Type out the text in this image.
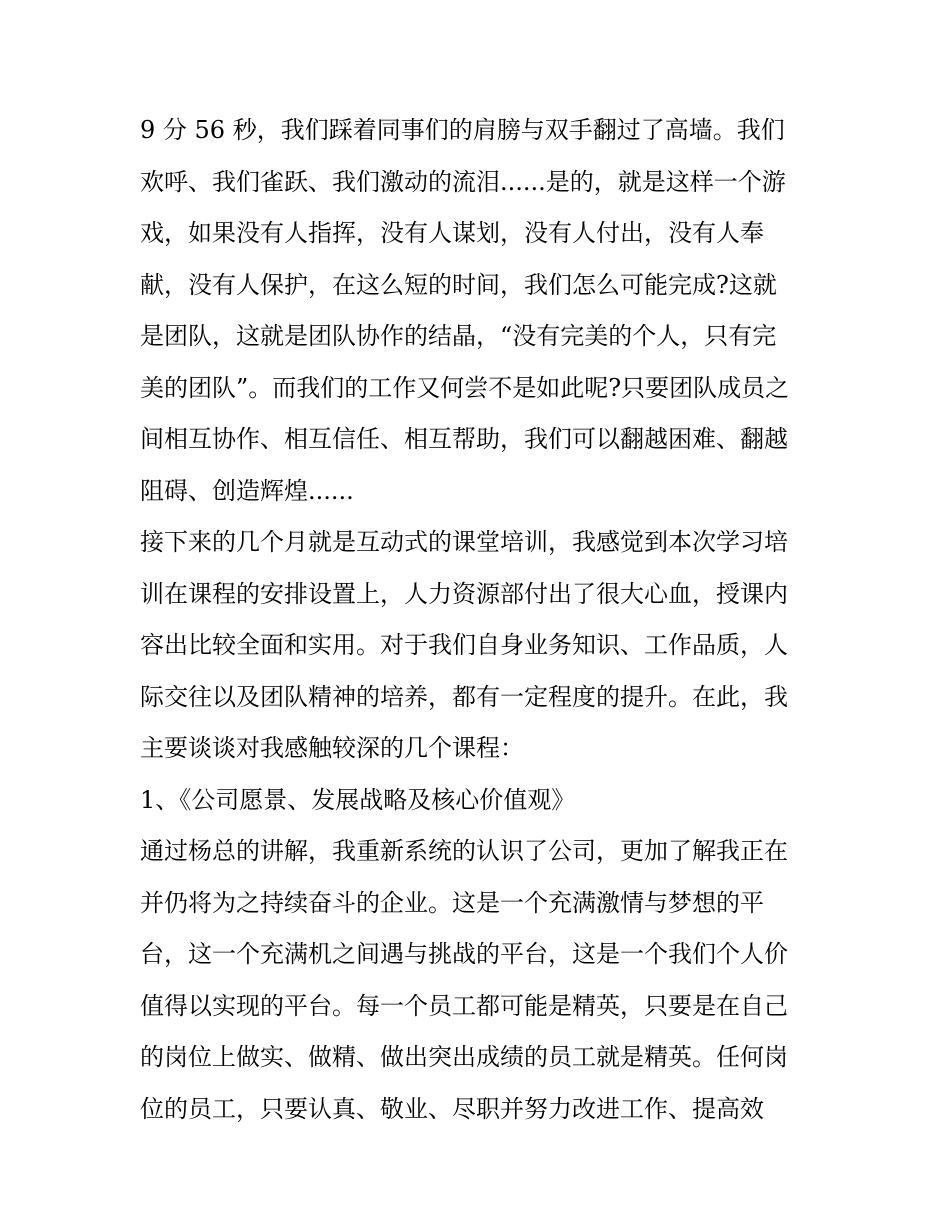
9 分 56 秒，我们踩着同事们的肩膀与双手翻过了高墙。我们
欢呼、我们雀跃、我们激动的流泪......是的，就是这样一个游
戏，如果没有人指挥，没有人谋划，没有人付出，没有人奉
献，没有人保护，在这么短的时间，我们怎么可能完成?这就
是团队，这就是团队协作的结晶，“没有完美的个人，只有完
美的团队”。而我们的工作又何尝不是如此呢?只要团队成员之
间相互协作、相互信任、相互帮助，我们可以翻越困难、翻越
阻碍、创造辉煌......
接下来的几个月就是互动式的课堂培训，我感觉到本次学习培
训在课程的安排设置上，人力资源部付出了很大心血，授课内
容出比较全面和实用。对于我们自身业务知识、工作品质，人
际交往以及团队精神的培养，都有一定程度的提升。在此，我
主要谈谈对我感触较深的几个课程：
1、《公司愿景、发展战略及核心价值观》
通过杨总的讲解，我重新系统的认识了公司，更加了解我正在
并仍将为之持续奋斗的企业。这是一个充满激情与梦想的平
台，这一个充满机之间遇与挑战的平台，这是一个我们个人价
值得以实现的平台。每一个员工都可能是精英，只要是在自己
的岗位上做实、做精、做出突出成绩的员工就是精英。任何岗
位的员工，只要认真、敬业、尽职并努力改进工作、提高效
